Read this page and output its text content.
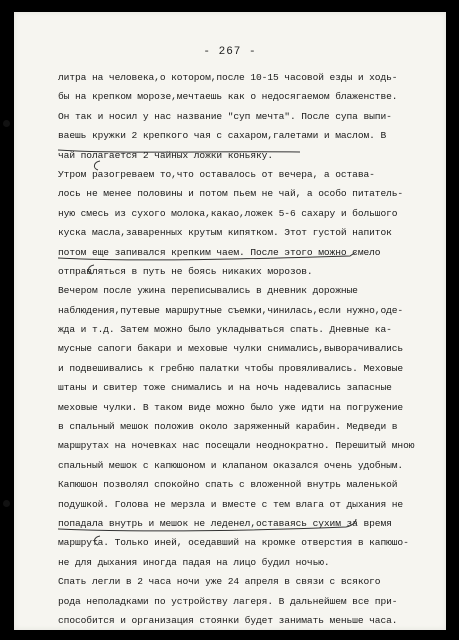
- 267 -
литра на человека,о котором,после 10-15 часовой езды и ходь-
бы на крепком морозе,мечтаешь как о недосягаемом блаженстве.
Он так и носил у нас название "суп мечта". После супа выпи-
ваешь кружки 2 крепкого чая с сахаром,галетами и маслом. В
чай полагается 2 чайных ложки коньяку.
Утром разогреваем то,что оставалось от вечера, а остава-
лось не менее половины и потом пьем не чай, а особо питатель-
ную смесь из сухого молока,какао,ложек 5-6 сахару и большого
куска масла,заваренных крутым кипятком. Этот густой напиток
потом еще запивался крепким чаем. После этого можно смело
отправляться в путь не боясь никаких морозов.
Вечером после ужина переписывались в дневник дорожные
наблюдения,путевые маршрутные съемки,чинилась,если нужно,оде-
жда и т.д. Затем можно было укладываться спать. Дневные ка-
мусные сапоги бакари и меховые чулки снимались,выворачивались
и подвешивались к гребню палатки чтобы провяливались. Меховые
штаны и свитер тоже снимались и на ночь надевались запасные
меховые чулки. В таком виде можно было уже идти на погружение
в спальный мешок положив около заряженный карабин. Медведи в
маршрутах на ночевках нас посещали неоднократно. Перешитый мною
спальный мешок с капюшоном и клапаном оказался очень удобным.
Капюшон позволял спокойно спать с вложенной внутрь маленькой
подушкой. Голова не мерзла и вместе с тем влага от дыхания не
попадала внутрь и мешок не леденел,оставаясь сухим за время
маршрута. Только иней, оседавший на кромке отверстия в капюшо-
не для дыхания иногда падая на лицо будил ночью.
Спать легли в 2 часа ночи уже 24 апреля в связи с всякого
рода неполадками по устройству лагеря. В дальнейшем все при-
способится и организация стоянки будет занимать меньше часа.
